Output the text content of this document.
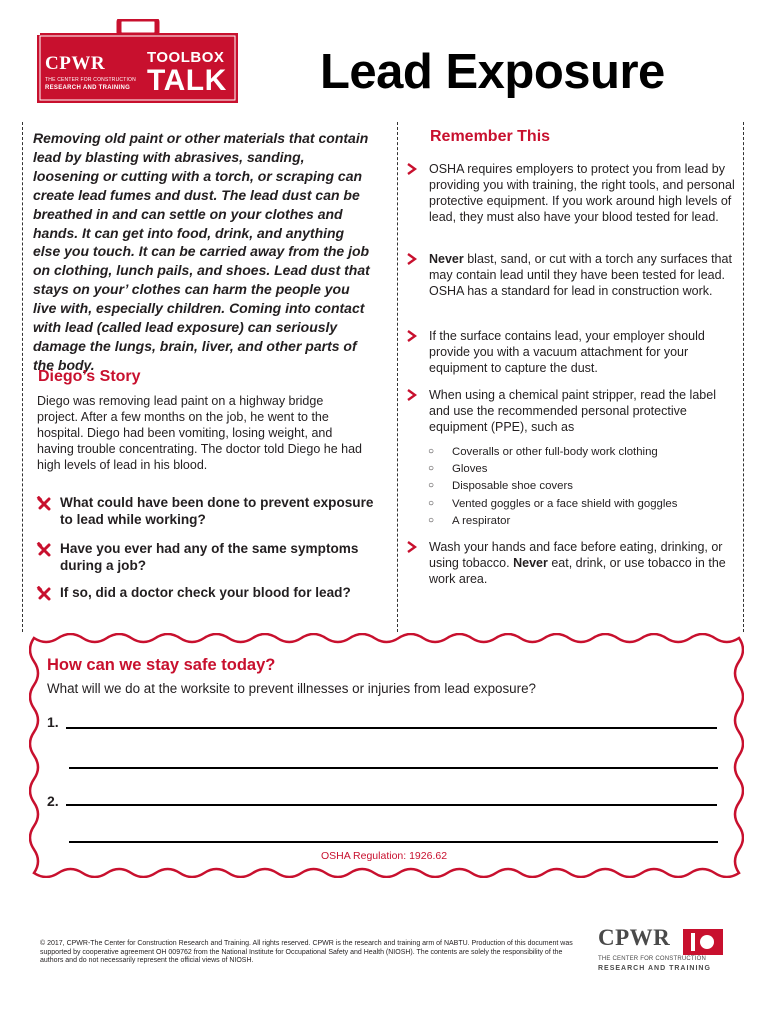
CPWR
THE CENTER FOR CONSTRUCTION
RESEARCH AND TRAINING
TOOLBOX
TALK Lead Exposure

Removing old paint or other materials that contain lead by blasting with abrasives, sanding, loosening or cutting with a torch, or scraping can create lead fumes and dust. The lead dust can be breathed in and can settle on your clothes and hands. It can get into food, drink, and anything else you touch. It can be carried away from the job on clothing, lunch pails, and shoes. Lead dust that stays on your’ clothes can harm the people you live with, especially children. Coming into contact with lead (called lead exposure) can seriously damage the lungs, brain, liver, and other parts of the body.

Diego’s Story

Diego was removing lead paint on a highway bridge project. After a few months on the job, he went to the hospital. Diego had been vomiting, losing weight, and having trouble concentrating. The doctor told Diego he had high levels of lead in his blood.

What could have been done to prevent exposure to lead while working?
Have you ever had any of the same symptoms during a job?
If so, did a doctor check your blood for lead?
Remember This
OSHA requires employers to protect you from lead by providing you with training, the right tools, and personal protective equipment. If you work around high levels of lead, they must also have your blood tested for lead.
Never blast, sand, or cut with a torch any surfaces that may contain lead until they have been tested for lead. OSHA has a standard for lead in construction work.
If the surface contains lead, your employer should provide you with a vacuum attachment for your equipment to capture the dust.
When using a chemical paint stripper, read the label and use the recommended personal protective equipment (PPE), such as
○	Coveralls or other full-body work clothing
○	Gloves
○	Disposable shoe covers
○	Vented goggles or a face shield with goggles
○	A respirator
Wash your hands and face before eating, drinking, or using tobacco. Never eat, drink, or use tobacco in the work area.
How can we stay safe today?
What will we do at the worksite to prevent illnesses or injuries from lead exposure?
1.
2.
OSHA Regulation: 1926.62

© 2017, CPWR-The Center for Construction Research and Training. All rights reserved. CPWR is the research and training arm of NABTU. Production of this document was supported by cooperative agreement OH 009762 from the National Institute for Occupational Safety and Health (NIOSH). The contents are solely the responsibility of the authors and do not necessarily represent the official views of NIOSH.

CPWR
THE CENTER FOR CONSTRUCTION
RESEARCH AND TRAINING
